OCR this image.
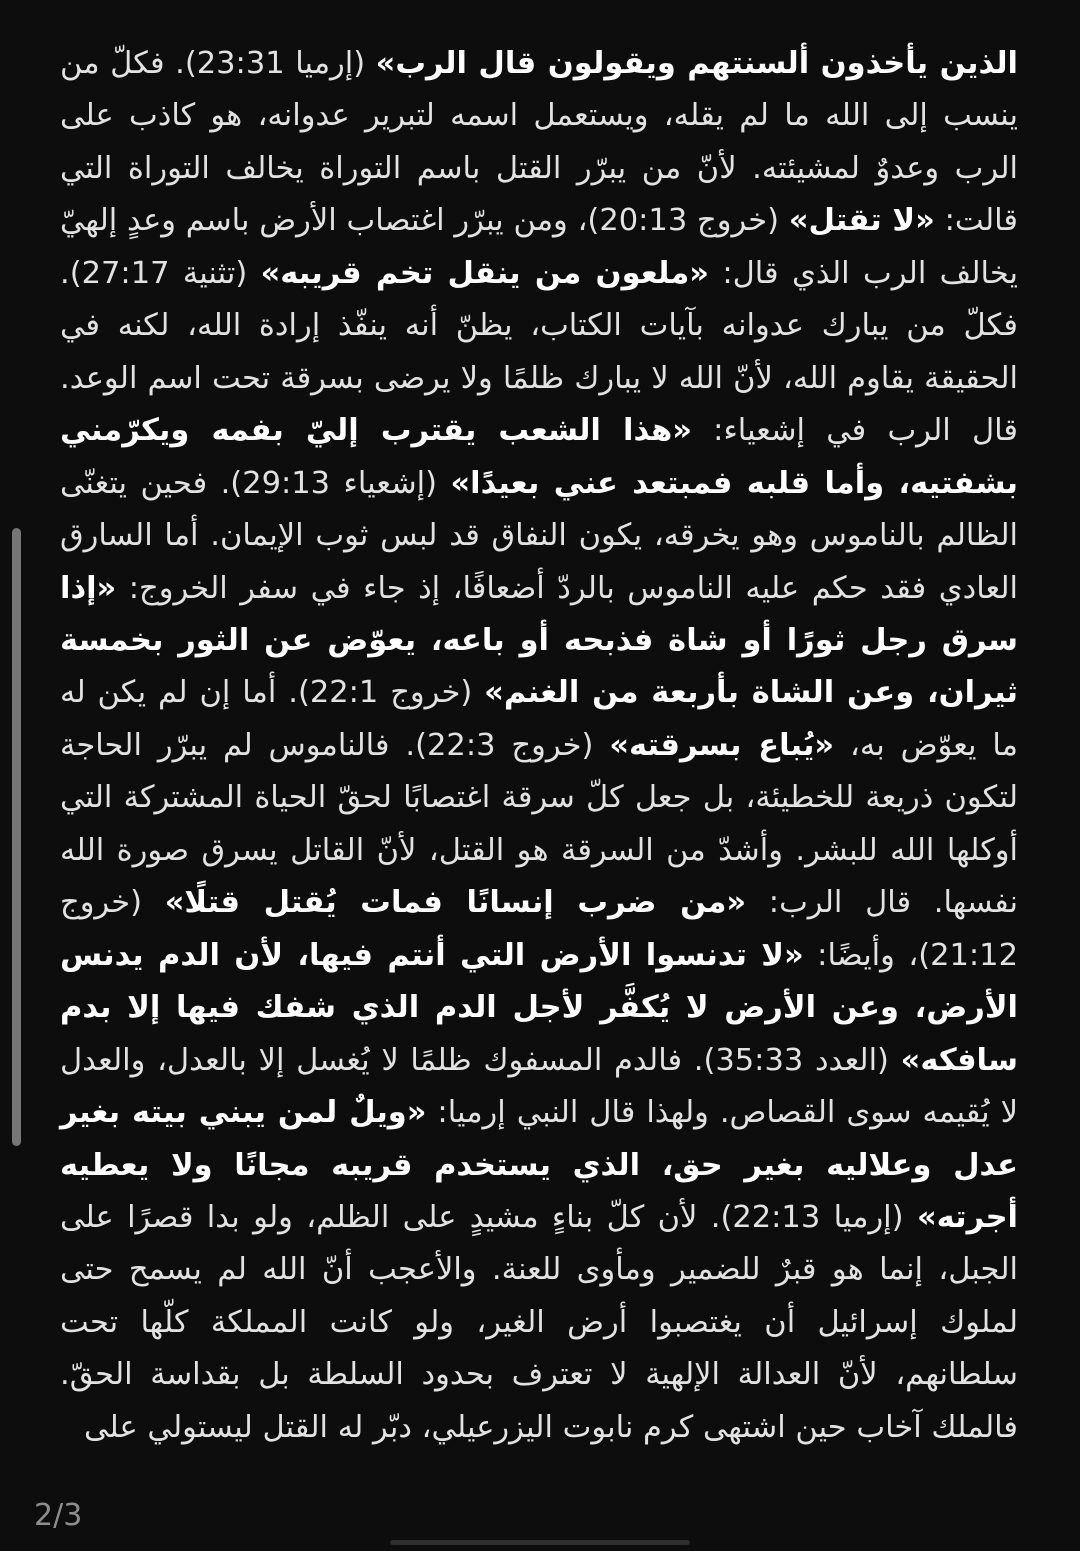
الذين يأخذون ألسنتهم ويقولون قال الرب» (إرميا 23:31). فكلّ من ينسب إلى الله ما لم يقله، ويستعمل اسمه لتبرير عدوانه، هو كاذب على الرب وعدوٌ لمشيئته. لأنّ من يبرّر القتل باسم التوراة يخالف التوراة التي قالت: «لا تقتل» (خروج 20:13)، ومن يبرّر اغتصاب الأرض باسم وعدٍ إلهيّ يخالف الرب الذي قال: «ملعون من ينقل تخم قريبه» (تثنية 27:17). فكلّ من يبارك عدوانه بآيات الكتاب، يظنّ أنه ينفّذ إرادة الله، لكنه في الحقيقة يقاوم الله، لأنّ الله لا يبارك ظلمًا ولا يرضى بسرقة تحت اسم الوعد. قال الرب في إشعياء: «هذا الشعب يقترب إليّ بفمه ويكرّمني بشفتيه، وأما قلبه فمبتعد عني بعيدًا» (إشعياء 29:13). فحين يتغنّى الظالم بالناموس وهو يخرقه، يكون النفاق قد لبس ثوب الإيمان. أما السارق العادي فقد حكم عليه الناموس بالردّ أضعافًا، إذ جاء في سفر الخروج: «إذا سرق رجل ثورًا أو شاة فذبحه أو باعه، يعوّض عن الثور بخمسة ثيران، وعن الشاة بأربعة من الغنم» (خروج 22:1). أما إن لم يكن له ما يعوّض به، «يُباع بسرقته» (خروج 22:3). فالناموس لم يبرّر الحاجة لتكون ذريعة للخطيئة، بل جعل كلّ سرقة اغتصابًا لحقّ الحياة المشتركة التي أوكلها الله للبشر. وأشدّ من السرقة هو القتل، لأنّ القاتل يسرق صورة الله نفسها. قال الرب: «من ضرب إنسانًا فمات يُقتل قتلًا» (خروج 21:12)، وأيضًا: «لا تدنسوا الأرض التي أنتم فيها، لأن الدم يدنس الأرض، وعن الأرض لا يُكفَّر لأجل الدم الذي شفك فيها إلا بدم سافكه» (العدد 35:33). فالدم المسفوك ظلمًا لا يُغسل إلا بالعدل، والعدل لا يُقيمه سوى القصاص. ولهذا قال النبي إرميا: «ويلٌ لمن يبني بيته بغير عدل وعلاليه بغير حق، الذي يستخدم قريبه مجانًا ولا يعطيه أجرته» (إرميا 22:13). لأن كلّ بناءٍ مشيدٍ على الظلم، ولو بدا قصرًا على الجبل، إنما هو قبرٌ للضمير ومأوى للعنة. والأعجب أنّ الله لم يسمح حتى لملوك إسرائيل أن يغتصبوا أرض الغير، ولو كانت المملكة كلّها تحت سلطانهم، لأنّ العدالة الإلهية لا تعترف بحدود السلطة بل بقداسة الحقّ. فالملك آخاب حين اشتهى كرم نابوت اليزرعيلي، دبّر له القتل ليستولي على
2/3
